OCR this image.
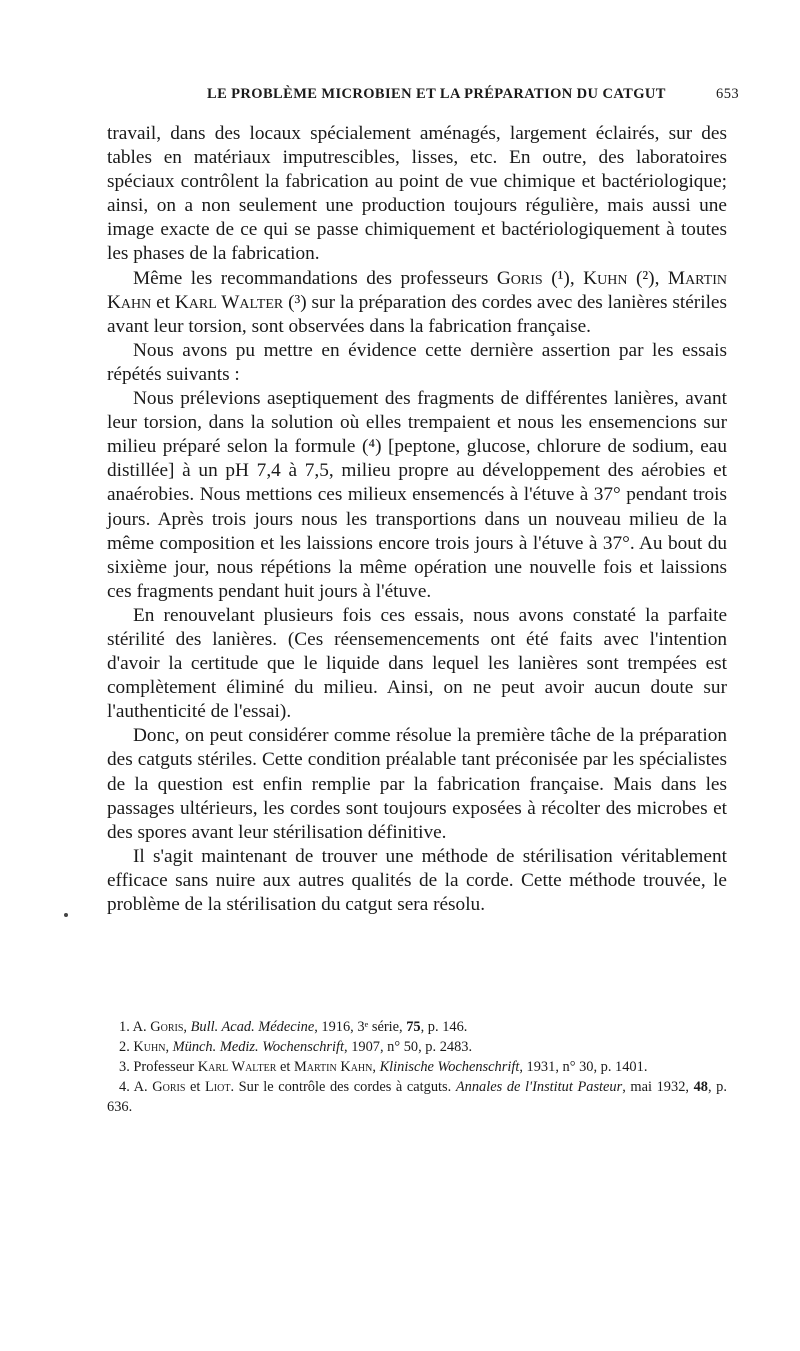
LE PROBLÈME MICROBIEN ET LA PRÉPARATION DU CATGUT	653

travail, dans des locaux spécialement aménagés, largement éclairés, sur des tables en matériaux imputrescibles, lisses, etc. En outre, des laboratoires spéciaux contrôlent la fabrication au point de vue chimique et bactériologique; ainsi, on a non seulement une production toujours régulière, mais aussi une image exacte de ce qui se passe chimiquement et bactériologiquement à toutes les phases de la fabrication.

Même les recommandations des professeurs Goris (¹), Kuhn (²), Martin Kahn et Karl Walter (³) sur la préparation des cordes avec des lanières stériles avant leur torsion, sont observées dans la fabrication française.

Nous avons pu mettre en évidence cette dernière assertion par les essais répétés suivants :

Nous prélevions aseptiquement des fragments de différentes lanières, avant leur torsion, dans la solution où elles trempaient et nous les ensemencions sur milieu préparé selon la formule (⁴) [peptone, glucose, chlorure de sodium, eau distillée] à un pH 7,4 à 7,5, milieu propre au développement des aérobies et anaérobies. Nous mettions ces milieux ensemencés à l'étuve à 37° pendant trois jours. Après trois jours nous les transportions dans un nouveau milieu de la même composition et les laissions encore trois jours à l'étuve à 37°. Au bout du sixième jour, nous répétions la même opération une nouvelle fois et laissions ces fragments pendant huit jours à l'étuve.

En renouvelant plusieurs fois ces essais, nous avons constaté la parfaite stérilité des lanières. (Ces réensemencements ont été faits avec l'intention d'avoir la certitude que le liquide dans lequel les lanières sont trempées est complètement éliminé du milieu. Ainsi, on ne peut avoir aucun doute sur l'authenticité de l'essai).

Donc, on peut considérer comme résolue la première tâche de la préparation des catguts stériles. Cette condition préalable tant préconisée par les spécialistes de la question est enfin remplie par la fabrication française. Mais dans les passages ultérieurs, les cordes sont toujours exposées à récolter des microbes et des spores avant leur stérilisation définitive.

Il s'agit maintenant de trouver une méthode de stérilisation véritablement efficace sans nuire aux autres qualités de la corde. Cette méthode trouvée, le problème de la stérilisation du catgut sera résolu.

1. A. Goris, Bull. Acad. Médecine, 1916, 3ᵉ série, 75, p. 146.

2. Kuhn, Münch. Mediz. Wochenschrift, 1907, n° 50, p. 2483.

3. Professeur Karl Walter et Martin Kahn, Klinische Wochenschrift, 1931, n° 30, p. 1401.

4. A. Goris et Liot. Sur le contrôle des cordes à catguts. Annales de l'Institut Pasteur, mai 1932, 48, p. 636.
